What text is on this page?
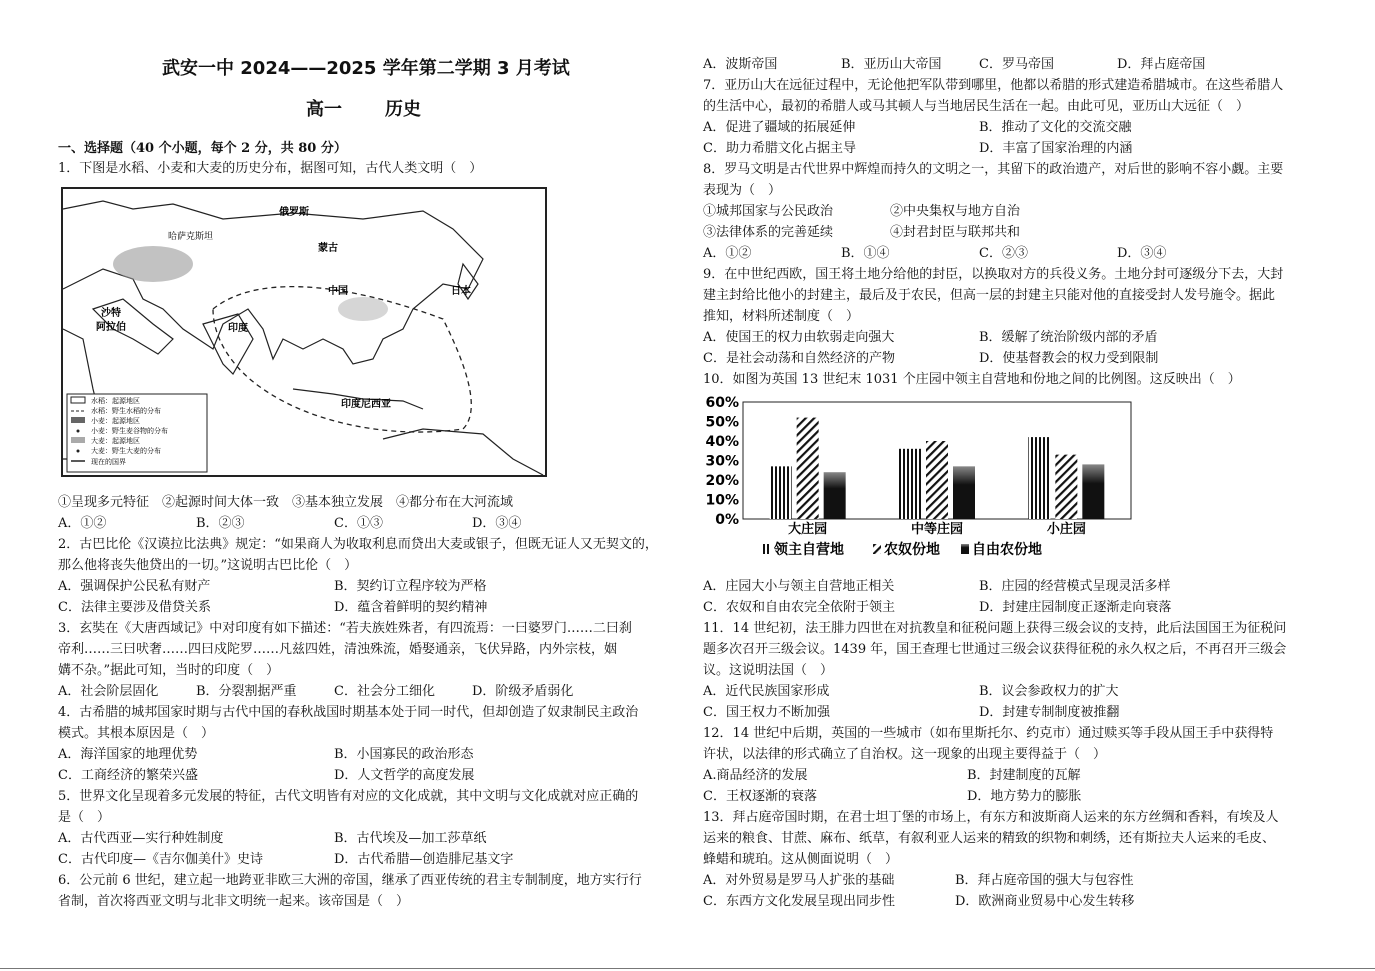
武安一中 2024——2025 学年第二学期 3 月考试
高一 历史
一、选择题（40 个小题，每个 2 分，共 80 分）
1．下图是水稻、小麦和大麦的历史分布，据图可知，古代人类文明（　）
俄罗斯
哈萨克斯坦
蒙古
中国	日本
沙特
阿拉伯	印度
印度尼西亚
水稻：起源地区
水稻：野生水稻的分布
小麦：起源地区
小麦：野生麦谷物的分布
大麦：起源地区
大麦：野生大麦的分布
现在的国界
①呈现多元特征　②起源时间大体一致　③基本独立发展　④都分布在大河流域
A．①②	B．②③	C．①③	D．③④
2．古巴比伦《汉谟拉比法典》规定：“如果商人为收取利息而贷出大麦或银子，但既无证人又无契文的，
那么他将丧失他贷出的一切。”这说明古巴比伦（　）
A．强调保护公民私有财产	B．契约订立程序较为严格
C．法律主要涉及借贷关系	D．蕴含着鲜明的契约精神
3．玄奘在《大唐西域记》中对印度有如下描述：“若夫族姓殊者，有四流焉：一曰婆罗门……二曰刹
帝利……三曰吠奢……四曰戍陀罗……凡兹四姓，清浊殊流，婚娶通亲，飞伏异路，内外宗枝，姻
媾不杂。”据此可知，当时的印度（　）
A．社会阶层固化	B．分裂割据严重	C．社会分工细化	D．阶级矛盾弱化
4．古希腊的城邦国家时期与古代中国的春秋战国时期基本处于同一时代，但却创造了奴隶制民主政治
模式。其根本原因是（　）
A．海洋国家的地理优势	B．小国寡民的政治形态
C．工商经济的繁荣兴盛	D．人文哲学的高度发展
5．世界文化呈现着多元发展的特征，古代文明皆有对应的文化成就，其中文明与文化成就对应正确的
是（　）
A．古代西亚—实行种姓制度	B．古代埃及—加工莎草纸
C．古代印度—《吉尔伽美什》史诗	D．古代希腊—创造腓尼基文字
6．公元前 6 世纪，建立起一地跨亚非欧三大洲的帝国，继承了西亚传统的君主专制制度，地方实行行
省制，首次将西亚文明与北非文明统一起来。该帝国是（　）
A．波斯帝国	B．亚历山大帝国	C．罗马帝国	D．拜占庭帝国
7．亚历山大在远征过程中，无论他把军队带到哪里，他都以希腊的形式建造希腊城市。在这些希腊人
的生活中心，最初的希腊人或马其顿人与当地居民生活在一起。由此可见，亚历山大远征（　）
A．促进了疆域的拓展延伸	B．推动了文化的交流交融
C．助力希腊文化占据主导	D．丰富了国家治理的内涵
8．罗马文明是古代世界中辉煌而持久的文明之一，其留下的政治遗产，对后世的影响不容小觑。主要
表现为（　）
①城邦国家与公民政治	②中央集权与地方自治
③法律体系的完善延续	④封君封臣与联邦共和
A．①②	B．①④	C．②③	D．③④
9．在中世纪西欧，国王将土地分给他的封臣，以换取对方的兵役义务。土地分封可逐级分下去，大封
建主封给比他小的封建主，最后及于农民，但高一层的封建主只能对他的直接受封人发号施令。据此
推知，材料所述制度（　）
A．使国王的权力由软弱走向强大	B．缓解了统治阶级内部的矛盾
C．是社会动荡和自然经济的产物	D．使基督教会的权力受到限制
10．如图为英国 13 世纪末 1031 个庄园中领主自营地和份地之间的比例图。这反映出（　）
0%
10%
20%
30%
40%
50%
60%
大庄园	中等庄园	小庄园
领主自营地	农奴份地 自由农份地
A．庄园大小与领主自营地正相关	B．庄园的经营模式呈现灵活多样
C．农奴和自由农完全依附于领主	D．封建庄园制度正逐渐走向衰落
11．14 世纪初，法王腓力四世在对抗教皇和征税问题上获得三级会议的支持，此后法国国王为征税问
题多次召开三级会议。1439 年，国王查理七世通过三级会议获得征税的永久权之后，不再召开三级会
议。这说明法国（　）
A．近代民族国家形成	B．议会参政权力的扩大
C．国王权力不断加强	D．封建专制制度被推翻
12．14 世纪中后期，英国的一些城市（如布里斯托尔、约克市）通过赎买等手段从国王手中获得特
许状，以法律的形式确立了自治权。这一现象的出现主要得益于（　）
A.商品经济的发展	B．封建制度的瓦解
C．王权逐渐的衰落	D．地方势力的膨胀
13．拜占庭帝国时期，在君士坦丁堡的市场上，有东方和波斯商人运来的东方丝绸和香料，有埃及人
运来的粮食、甘蔗、麻布、纸草，有叙利亚人运来的精致的织物和刺绣，还有斯拉夫人运来的毛皮、
蜂蜡和琥珀。这从侧面说明（　）
A．对外贸易是罗马人扩张的基础	B．拜占庭帝国的强大与包容性
C．东西方文化发展呈现出同步性	D．欧洲商业贸易中心发生转移
